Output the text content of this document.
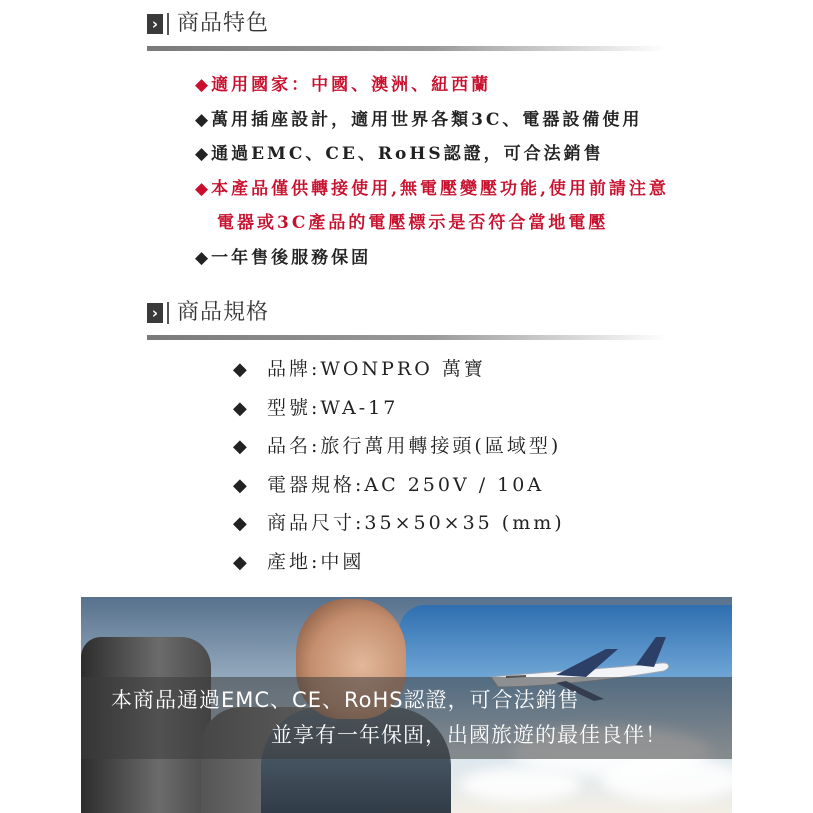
› 商品特色
◆適用國家：中國、澳洲、紐西蘭
◆萬用插座設計，適用世界各類3C、電器設備使用
◆通過EMC、CE、RoHS認證，可合法銷售
◆本產品僅供轉接使用,無電壓變壓功能,使用前請注意
電器或3C產品的電壓標示是否符合當地電壓
◆一年售後服務保固
› 商品規格
◆ 品牌:WONPRO 萬寶
◆ 型號:WA-17
◆ 品名:旅行萬用轉接頭(區域型)
◆ 電器規格:AC 250V / 10A
◆ 商品尺寸:35×50×35 (mm)
◆ 產地:中國
本商品通過EMC、CE、RoHS認證，可合法銷售
並享有一年保固，出國旅遊的最佳良伴！
